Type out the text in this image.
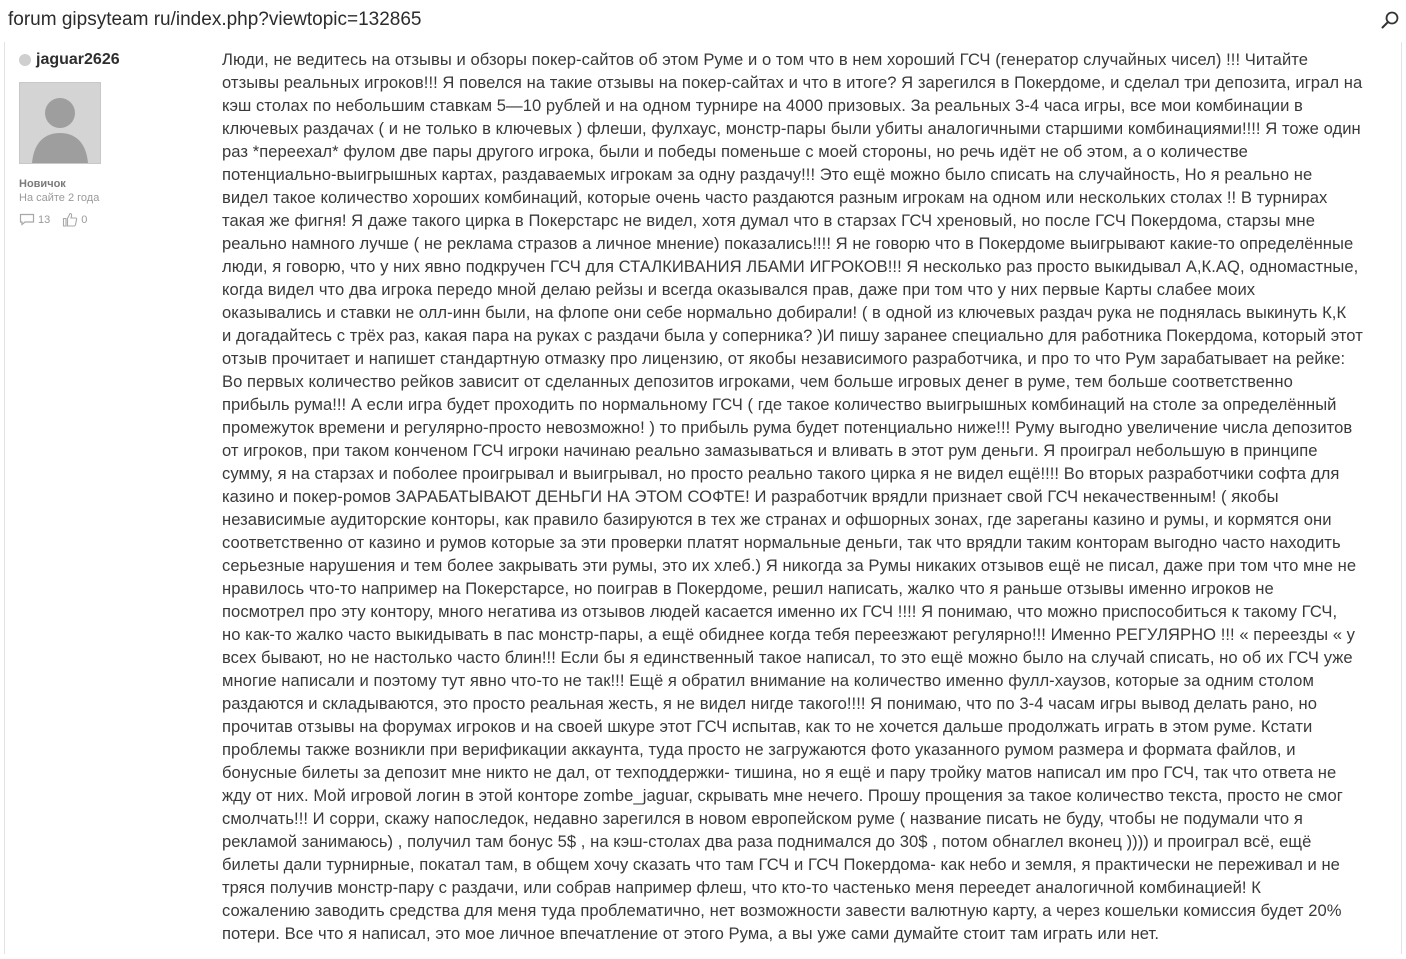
forum gipsyteam ru/index.php?viewtopic=132865
jaguar2626
Новичок
На сайте 2 года
13	0
Люди, не ведитесь на отзывы и обзоры покер-сайтов об этом Руме и о том что в нем хороший ГСЧ (генератор случайных чисел) !!! Читайте
отзывы реальных игроков!!! Я повелся на такие отзывы на покер-сайтах и что в итоге? Я зарегился в Покердоме, и сделал три депозита, играл на
кэш столах по небольшим ставкам 5—10 рублей и на одном турнире на 4000 призовых. За реальных 3-4 часа игры, все мои комбинации в
ключевых раздачах ( и не только в ключевых ) флеши, фулхаус, монстр-пары были убиты аналогичными старшими комбинациями!!!! Я тоже один
раз *переехал* фулом две пары другого игрока, были и победы поменьше с моей стороны, но речь идёт не об этом, а о количестве
потенциально-выигрышных картах, раздаваемых игрокам за одну раздачу!!! Это ещё можно было списать на случайность, Но я реально не
видел такое количество хороших комбинаций, которые очень часто раздаются разным игрокам на одном или нескольких столах !! В турнирах
такая же фигня! Я даже такого цирка в Покерстарс не видел, хотя думал что в старзах ГСЧ хреновый, но после ГСЧ Покердома, старзы мне
реально намного лучше ( не реклама стразов а личное мнение) показались!!!! Я не говорю что в Покердоме выигрывают какие-то определённые
люди, я говорю, что у них явно подкручен ГСЧ для СТАЛКИВАНИЯ ЛБАМИ ИГРОКОВ!!! Я несколько раз просто выкидывал А,К.AQ, одномастные,
когда видел что два игрока передо мной делаю рейзы и всегда оказывался прав, даже при том что у них первые Карты слабее моих
оказывались и ставки не олл-инн были, на флопе они себе нормально добирали! ( в одной из ключевых раздач рука не поднялась выкинуть К,К
и догадайтесь с трёх раз, какая пара на руках с раздачи была у соперника? )И пишу заранее специально для работника Покердома, который этот
отзыв прочитает и напишет стандартную отмазку про лицензию, от якобы независимого разработчика, и про то что Рум зарабатывает на рейке:
Во первых количество рейков зависит от сделанных депозитов игроками, чем больше игровых денег в руме, тем больше соответственно
прибыль рума!!! А если игра будет проходить по нормальному ГСЧ ( где такое количество выигрышных комбинаций на столе за определённый
промежуток времени и регулярно-просто невозможно! ) то прибыль рума будет потенциально ниже!!! Руму выгодно увеличение числа депозитов
от игроков, при таком конченом ГСЧ игроки начинаю реально замазываться и вливать в этот рум деньги. Я проиграл небольшую в принципе
сумму, я на старзах и поболее проигрывал и выигрывал, но просто реально такого цирка я не видел ещё!!!! Во вторых разработчики софта для
казино и покер-ромов ЗАРАБАТЫВАЮТ ДЕНЬГИ НА ЭТОМ СОФТЕ! И разработчик врядли признает свой ГСЧ некачественным! ( якобы
независимые аудиторские конторы, как правило базируются в тех же странах и офшорных зонах, где зареганы казино и румы, и кормятся они
соответственно от казино и румов которые за эти проверки платят нормальные деньги, так что врядли таким конторам выгодно часто находить
серьезные нарушения и тем более закрывать эти румы, это их хлеб.) Я никогда за Румы никаких отзывов ещё не писал, даже при том что мне не
нравилось что-то например на Покерстарсе, но поиграв в Покердоме, решил написать, жалко что я раньше отзывы именно игроков не
посмотрел про эту контору, много негатива из отзывов людей касается именно их ГСЧ !!!! Я понимаю, что можно приспособиться к такому ГСЧ,
но как-то жалко часто выкидывать в пас монстр-пары, а ещё обиднее когда тебя переезжают регулярно!!! Именно РЕГУЛЯРНО !!! « переезды « у
всех бывают, но не настолько часто блин!!! Если бы я единственный такое написал, то это ещё можно было на случай списать, но об их ГСЧ уже
многие написали и поэтому тут явно что-то не так!!! Ещё я обратил внимание на количество именно фулл-хаузов, которые за одним столом
раздаются и складываются, это просто реальная жесть, я не видел нигде такого!!!! Я понимаю, что по 3-4 часам игры вывод делать рано, но
прочитав отзывы на форумах игроков и на своей шкуре этот ГСЧ испытав, как то не хочется дальше продолжать играть в этом руме. Кстати
проблемы также возникли при верификации аккаунта, туда просто не загружаются фото указанного румом размера и формата файлов, и
бонусные билеты за депозит мне никто не дал, от техподдержки- тишина, но я ещё и пару тройку матов написал им про ГСЧ, так что ответа не
жду от них. Мой игровой логин в этой конторе zombe_jaguar, скрывать мне нечего. Прошу прощения за такое количество текста, просто не смог
смолчать!!! И сорри, скажу напоследок, недавно зарегился в новом европейском руме ( название писать не буду, чтобы не подумали что я
рекламой занимаюсь) , получил там бонус 5$ , на кэш-столах два раза поднимался до 30$ , потом обнаглел вконец )))) и проиграл всё, ещё
билеты дали турнирные, покатал там, в общем хочу сказать что там ГСЧ и ГСЧ Покердома- как небо и земля, я практически не переживал и не
тряся получив монстр-пару с раздачи, или собрав например флеш, что кто-то частенько меня переедет аналогичной комбинацией! К
сожалению заводить средства для меня туда проблематично, нет возможности завести валютную карту, а через кошельки комиссия будет 20%
потери. Все что я написал, это мое личное впечатление от этого Рума, а вы уже сами думайте стоит там играть или нет.
